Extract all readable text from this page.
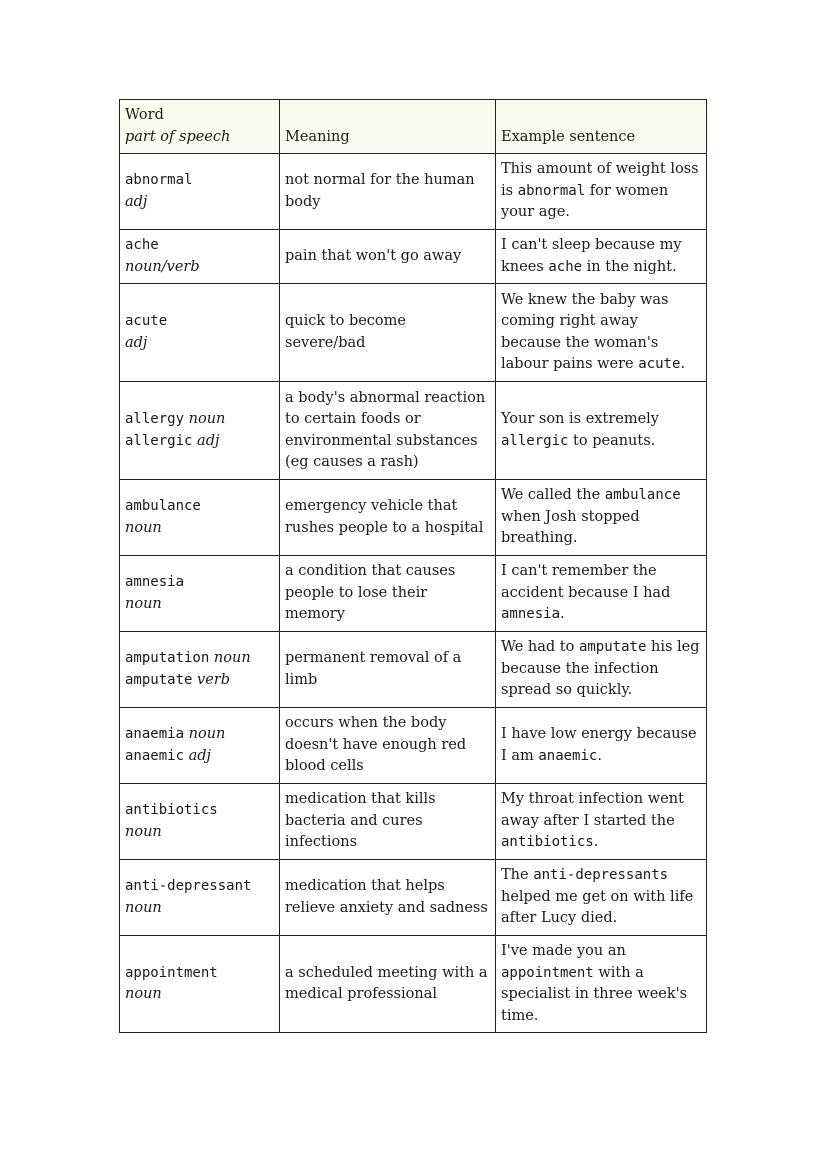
Word
part of speech	Meaning	Example sentence

abnormal
adj	not normal for the human body	This amount of weight loss is abnormal for women your age.

ache
noun/verb	pain that won't go away	I can't sleep because my knees ache in the night.

acute
adj	quick to become severe/bad	We knew the baby was coming right away because the woman's labour pains were acute.

allergy noun
allergic adj	a body's abnormal reaction to certain foods or environmental substances (eg causes a rash)	Your son is extremely allergic to peanuts.

ambulance
noun	emergency vehicle that rushes people to a hospital	We called the ambulance when Josh stopped breathing.

amnesia
noun	a condition that causes people to lose their memory	I can't remember the accident because I had amnesia.

amputation noun
amputate verb	permanent removal of a limb	We had to amputate his leg because the infection spread so quickly.

anaemia noun
anaemic adj	occurs when the body doesn't have enough red blood cells	I have low energy because I am anaemic.

antibiotics
noun	medication that kills bacteria and cures infections	My throat infection went away after I started the antibiotics.

anti-depressant
noun	medication that helps relieve anxiety and sadness	The anti-depressants helped me get on with life after Lucy died.

appointment
noun	a scheduled meeting with a medical professional	I've made you an appointment with a specialist in three week's time.
